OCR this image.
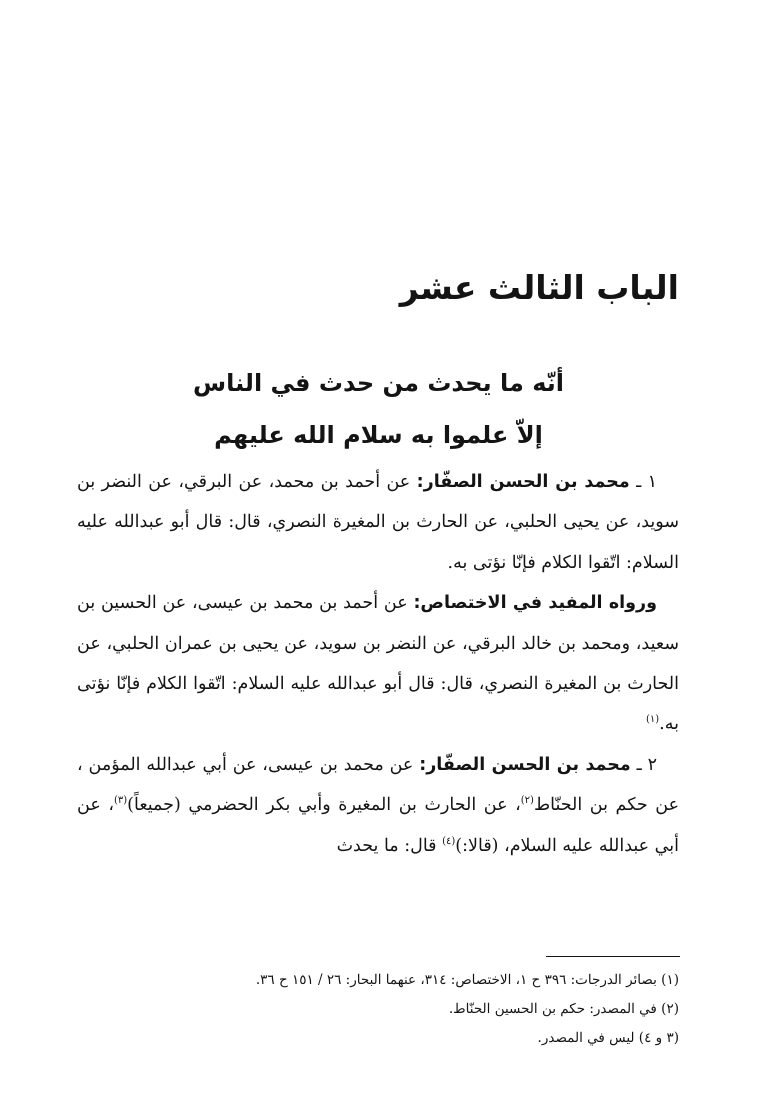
الباب الثالث عشر
أنّه ما يحدث من حدث في الناس
إلاّ علموا به سلام الله عليهم

١ ـ محمد بن الحسن الصفّار: عن أحمد بن محمد، عن البرقي، عن النضر بن سويد، عن يحيى الحلبي، عن الحارث بن المغيرة النصري، قال: قال أبو عبدالله عليه السلام: اتّقوا الكلام فإنّا نؤتى به.

ورواه المفيد في الاختصاص: عن أحمد بن محمد بن عيسى، عن الحسين بن سعيد، ومحمد بن خالد البرقي، عن النضر بن سويد، عن يحيى بن عمران الحلبي، عن الحارث بن المغيرة النصري، قال: قال أبو عبدالله عليه السلام: اتّقوا الكلام فإنّا نؤتى به.$^{(١)}$

٢ ـ محمد بن الحسن الصفّار: عن محمد بن عيسى، عن أبي عبدالله المؤمن ، عن حكم بن الحنّاط$^{(٢)}$، عن الحارث بن المغيرة وأبي بكر الحضرمي (جميعاً)$^{(٣)}$، عن أبي عبدالله عليه السلام، (قالا:)$^{(٤)}$ قال: ما يحدث

(١) بصائر الدرجات: ٣٩٦ ح ١، الاختصاص: ٣١٤، عنهما البحار: ٢٦ / ١٥١ ح ٣٦.

(٢) في المصدر: حكم بن الحسين الحنّاط.

(٣ و ٤) ليس في المصدر.
